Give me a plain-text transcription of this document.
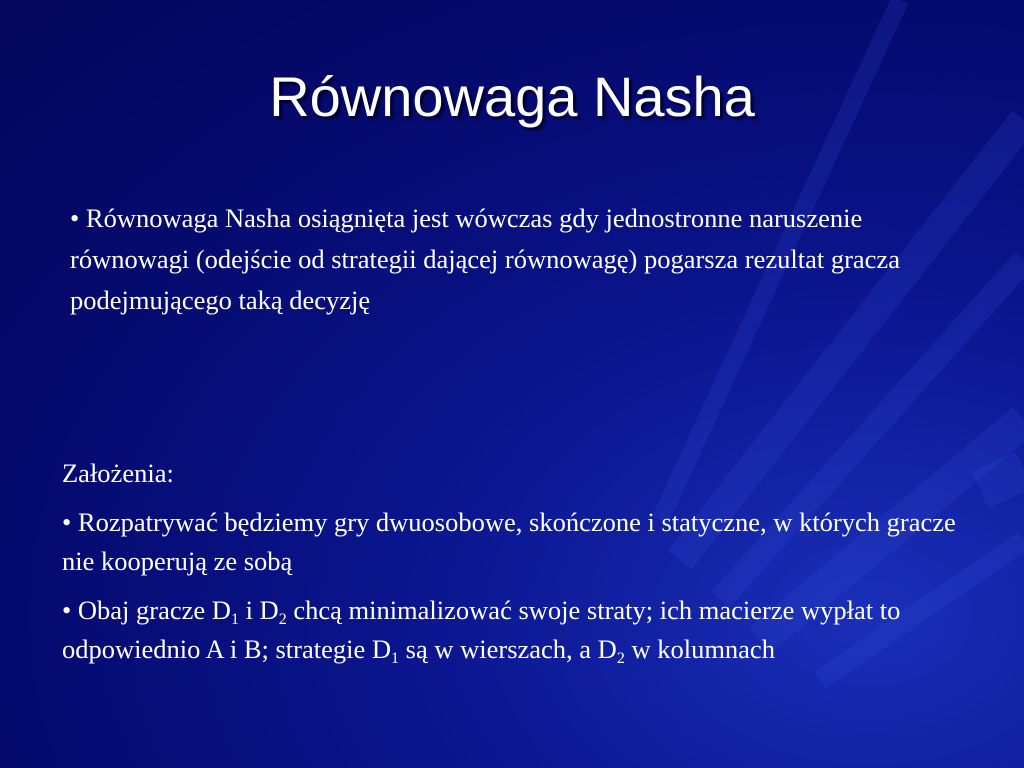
Równowaga Nasha
• Równowaga Nasha osiągnięta jest wówczas gdy jednostronne naruszenie równowagi (odejście od strategii dającej równowagę) pogarsza rezultat gracza podejmującego taką decyzję

Założenia:

• Rozpatrywać będziemy gry dwuosobowe, skończone i statyczne, w których gracze nie kooperują ze sobą

• Obaj gracze $D_1$ i $D_2$ chcą minimalizować swoje straty; ich macierze wypłat to odpowiednio A i B; strategie $D_1$ są w wierszach, a $D_2$ w kolumnach
